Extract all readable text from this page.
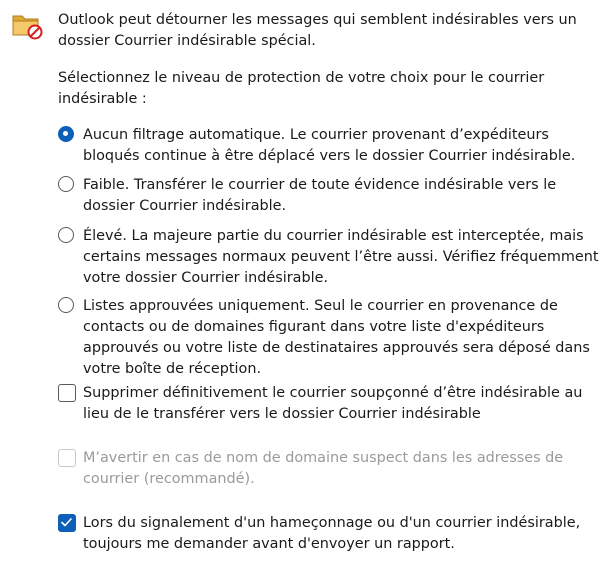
Outlook peut détourner les messages qui semblent indésirables vers un dossier Courrier indésirable spécial.
Sélectionnez le niveau de protection de votre choix pour le courrier indésirable :
Aucun filtrage automatique. Le courrier provenant d’expéditeurs bloqués continue à être déplacé vers le dossier Courrier indésirable.
Faible. Transférer le courrier de toute évidence indésirable vers le dossier Courrier indésirable.
Élevé. La majeure partie du courrier indésirable est interceptée, mais certains messages normaux peuvent l’être aussi. Vérifiez fréquemment votre dossier Courrier indésirable.
Listes approuvées uniquement. Seul le courrier en provenance de contacts ou de domaines figurant dans votre liste d'expéditeurs approuvés ou votre liste de destinataires approuvés sera déposé dans votre boîte de réception.
Supprimer définitivement le courrier soupçonné d’être indésirable au lieu de le transférer vers le dossier Courrier indésirable
M’avertir en cas de nom de domaine suspect dans les adresses de courrier (recommandé).
Lors du signalement d'un hameçonnage ou d'un courrier indésirable, toujours me demander avant d'envoyer un rapport.
